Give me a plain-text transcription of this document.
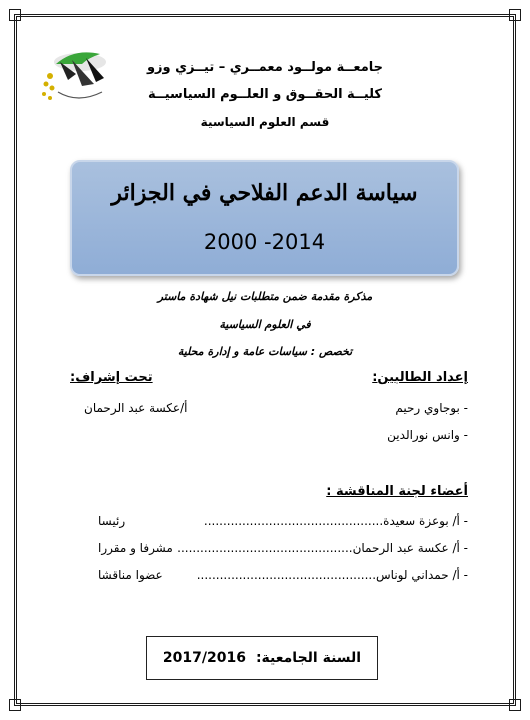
جامعــة مولــود معمــري – تيــزي وزو
كليــة الحقــوق و العلــوم السياسيــة
قسم العلوم السياسية
سياسة الدعم الفلاحي في الجزائر
2000 -2014
مذكرة مقدمة ضمن متطلبات نيل شهادة ماستر
في العلوم السياسية
تخصص : سياسات عامة و إدارة محلية
إعداد الطالبين:
- بوجاوي رحيم
- وانس نورالدين
تحت إشراف:
أ/عكسة عبد الرحمان
أعضاء لجنة المناقشة :
- أ/ بوعزة سعيدة...............................................
رئيسا
- أ/ عكسة عبد الرحمان..............................................
مشرفا و مقررا
- أ/ حمداني لوناس...............................................
عضوا مناقشا
السنة الجامعية:
2017/2016
